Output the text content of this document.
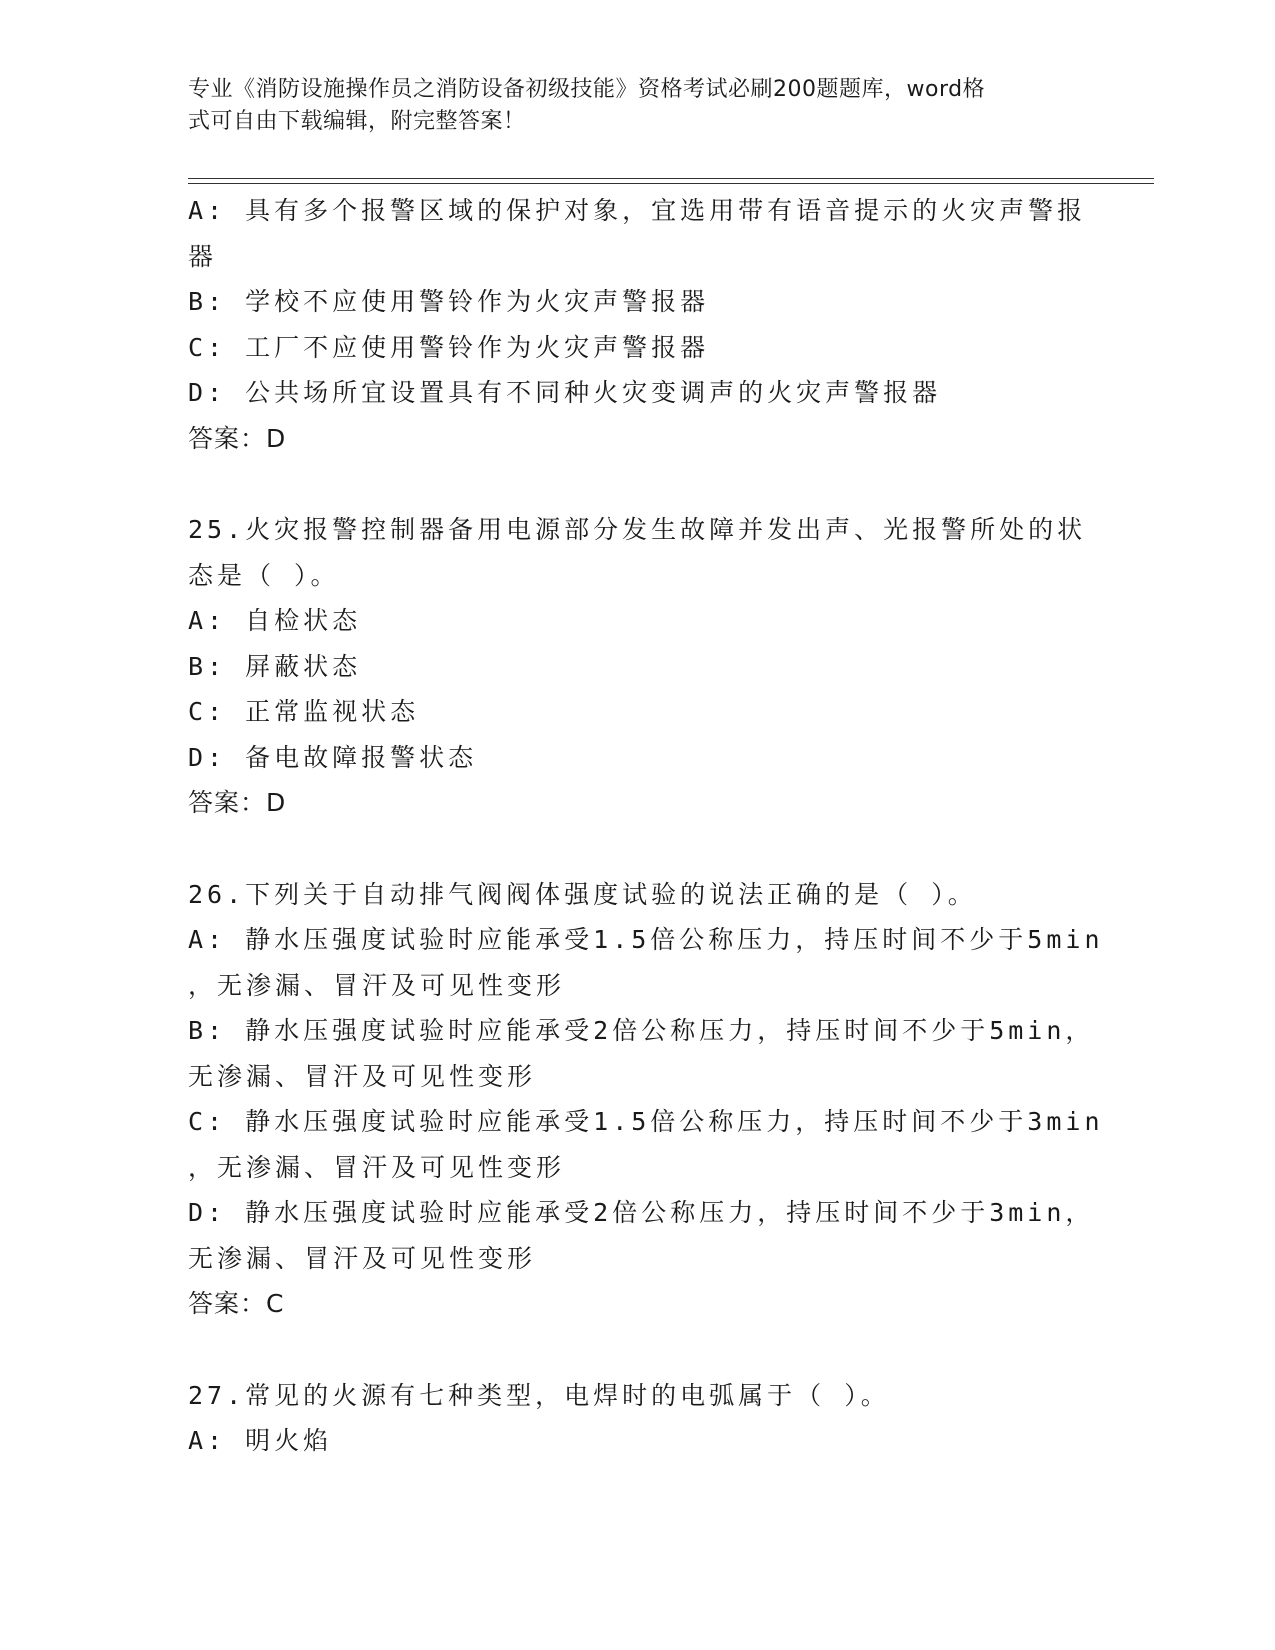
专业《消防设施操作员之消防设备初级技能》资格考试必刷200题题库，word格
式可自由下载编辑，附完整答案！
A: 具有多个报警区域的保护对象，宜选用带有语音提示的火灾声警报
器
B: 学校不应使用警铃作为火灾声警报器
C: 工厂不应使用警铃作为火灾声警报器
D: 公共场所宜设置具有不同种火灾变调声的火灾声警报器
答案：D
25.火灾报警控制器备用电源部分发生故障并发出声、光报警所处的状
态是（ ）。
A: 自检状态
B: 屏蔽状态
C: 正常监视状态
D: 备电故障报警状态
答案：D
26.下列关于自动排气阀阀体强度试验的说法正确的是（ ）。
A: 静水压强度试验时应能承受1.5倍公称压力，持压时间不少于5min
，无渗漏、冒汗及可见性变形
B: 静水压强度试验时应能承受2倍公称压力，持压时间不少于5min，
无渗漏、冒汗及可见性变形
C: 静水压强度试验时应能承受1.5倍公称压力，持压时间不少于3min
，无渗漏、冒汗及可见性变形
D: 静水压强度试验时应能承受2倍公称压力，持压时间不少于3min，
无渗漏、冒汗及可见性变形
答案：C
27.常见的火源有七种类型，电焊时的电弧属于（ ）。
A: 明火焰
